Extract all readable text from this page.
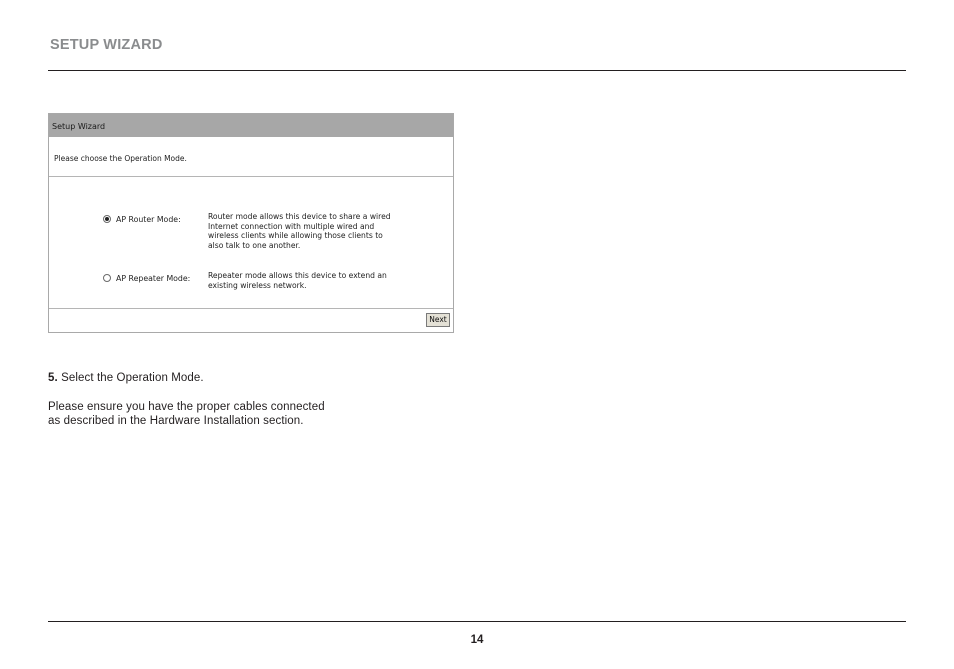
SETUP WIZARD
Setup Wizard
Please choose the Operation Mode.
AP Router Mode:	Router mode allows this device to share a wired
Internet connection with multiple wired and
wireless clients while allowing those clients to
also talk to one another.
AP Repeater Mode: Repeater mode allows this device to extend an
existing wireless network.
Next
5. Select the Operation Mode.
Please ensure you have the proper cables connected
as described in the Hardware Installation section.
14
